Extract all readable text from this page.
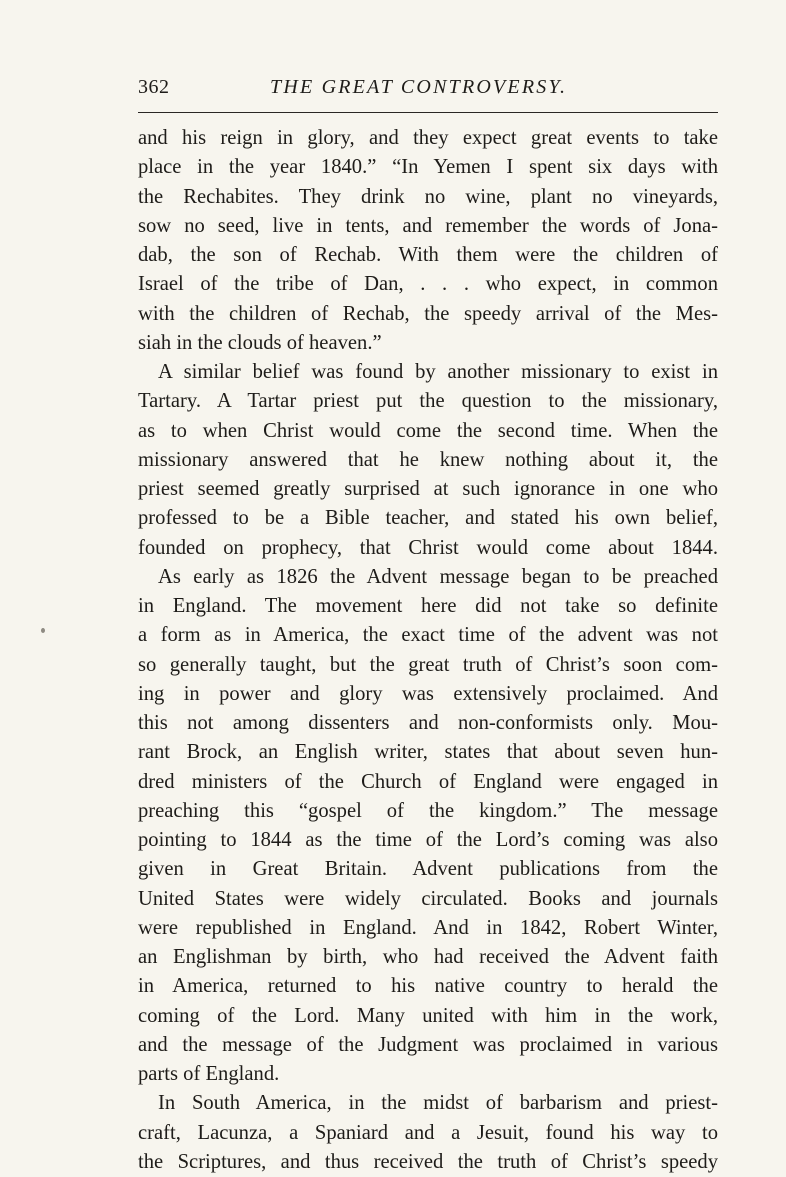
362	THE GREAT CONTROVERSY.
and his reign in glory, and they expect great events to take
place in the year 1840.” “In Yemen I spent six days with
the Rechabites. They drink no wine, plant no vineyards,
sow no seed, live in tents, and remember the words of Jona-
dab, the son of Rechab. With them were the children of
Israel of the tribe of Dan, . . . who expect, in common
with the children of Rechab, the speedy arrival of the Mes-
siah in the clouds of heaven.”
A similar belief was found by another missionary to exist in
Tartary. A Tartar priest put the question to the missionary,
as to when Christ would come the second time. When the
missionary answered that he knew nothing about it, the
priest seemed greatly surprised at such ignorance in one who
professed to be a Bible teacher, and stated his own belief,
founded on prophecy, that Christ would come about 1844.
As early as 1826 the Advent message began to be preached
in England. The movement here did not take so definite
a form as in America, the exact time of the advent was not
so generally taught, but the great truth of Christ’s soon com-
ing in power and glory was extensively proclaimed. And
this not among dissenters and non-conformists only. Mou-
rant Brock, an English writer, states that about seven hun-
dred ministers of the Church of England were engaged in
preaching this “gospel of the kingdom.” The message
pointing to 1844 as the time of the Lord’s coming was also
given in Great Britain. Advent publications from the
United States were widely circulated. Books and journals
were republished in England. And in 1842, Robert Winter,
an Englishman by birth, who had received the Advent faith
in America, returned to his native country to herald the
coming of the Lord. Many united with him in the work,
and the message of the Judgment was proclaimed in various
parts of England.
In South America, in the midst of barbarism and priest-
craft, Lacunza, a Spaniard and a Jesuit, found his way to
the Scriptures, and thus received the truth of Christ’s speedy
